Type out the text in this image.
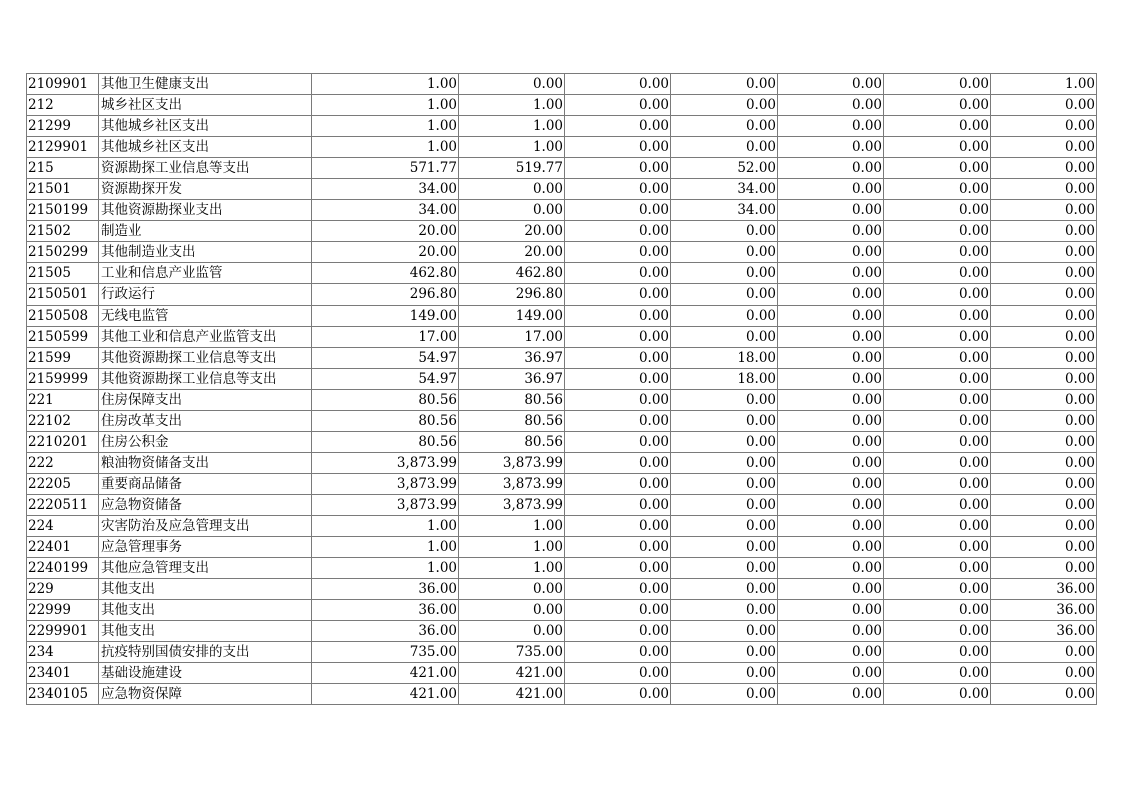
2109901	其他卫生健康支出	1.00	0.00	0.00	0.00	0.00	0.00	1.00
212	城乡社区支出	1.00	1.00	0.00	0.00	0.00	0.00	0.00
21299	其他城乡社区支出	1.00	1.00	0.00	0.00	0.00	0.00	0.00
2129901	其他城乡社区支出	1.00	1.00	0.00	0.00	0.00	0.00	0.00
215	资源勘探工业信息等支出	571.77	519.77	0.00	52.00	0.00	0.00	0.00
21501	资源勘探开发	34.00	0.00	0.00	34.00	0.00	0.00	0.00
2150199	其他资源勘探业支出	34.00	0.00	0.00	34.00	0.00	0.00	0.00
21502	制造业	20.00	20.00	0.00	0.00	0.00	0.00	0.00
2150299	其他制造业支出	20.00	20.00	0.00	0.00	0.00	0.00	0.00
21505	工业和信息产业监管	462.80	462.80	0.00	0.00	0.00	0.00	0.00
2150501	行政运行	296.80	296.80	0.00	0.00	0.00	0.00	0.00
2150508	无线电监管	149.00	149.00	0.00	0.00	0.00	0.00	0.00
2150599	其他工业和信息产业监管支出	17.00	17.00	0.00	0.00	0.00	0.00	0.00
21599	其他资源勘探工业信息等支出	54.97	36.97	0.00	18.00	0.00	0.00	0.00
2159999	其他资源勘探工业信息等支出	54.97	36.97	0.00	18.00	0.00	0.00	0.00
221	住房保障支出	80.56	80.56	0.00	0.00	0.00	0.00	0.00
22102	住房改革支出	80.56	80.56	0.00	0.00	0.00	0.00	0.00
2210201	住房公积金	80.56	80.56	0.00	0.00	0.00	0.00	0.00
222	粮油物资储备支出	3,873.99	3,873.99	0.00	0.00	0.00	0.00	0.00
22205	重要商品储备	3,873.99	3,873.99	0.00	0.00	0.00	0.00	0.00
2220511	应急物资储备	3,873.99	3,873.99	0.00	0.00	0.00	0.00	0.00
224	灾害防治及应急管理支出	1.00	1.00	0.00	0.00	0.00	0.00	0.00
22401	应急管理事务	1.00	1.00	0.00	0.00	0.00	0.00	0.00
2240199	其他应急管理支出	1.00	1.00	0.00	0.00	0.00	0.00	0.00
229	其他支出	36.00	0.00	0.00	0.00	0.00	0.00	36.00
22999	其他支出	36.00	0.00	0.00	0.00	0.00	0.00	36.00
2299901	其他支出	36.00	0.00	0.00	0.00	0.00	0.00	36.00
234	抗疫特别国债安排的支出	735.00	735.00	0.00	0.00	0.00	0.00	0.00
23401	基础设施建设	421.00	421.00	0.00	0.00	0.00	0.00	0.00
2340105	应急物资保障	421.00	421.00	0.00	0.00	0.00	0.00	0.00
